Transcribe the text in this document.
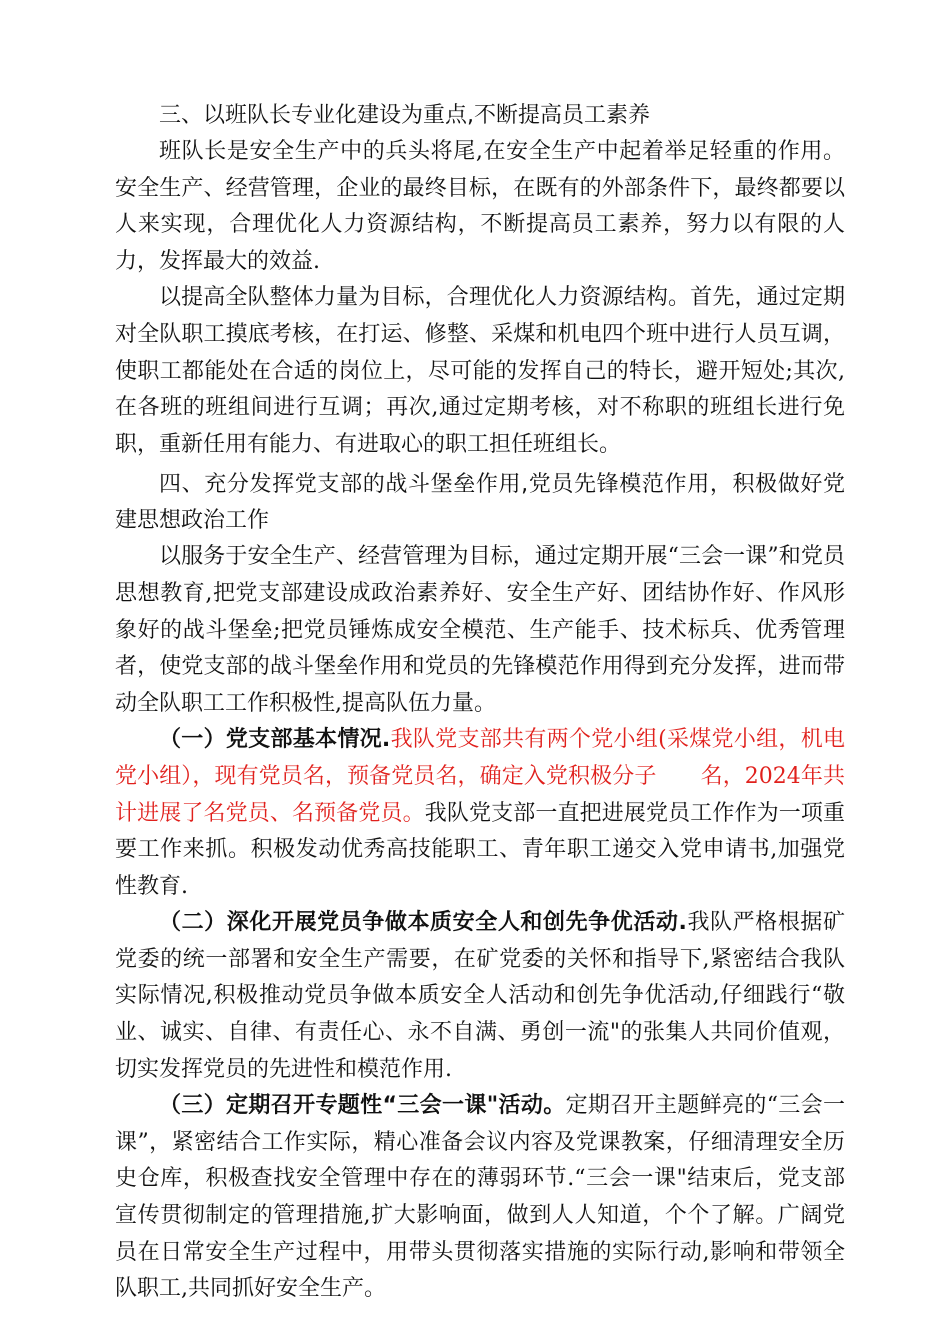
三、以班队长专业化建设为重点,不断提高员工素养

班队长是安全生产中的兵头将尾,在安全生产中起着举足轻重的作用。安全生产、经营管理，企业的最终目标，在既有的外部条件下，最终都要以人来实现，合理优化人力资源结构，不断提高员工素养，努力以有限的人力，发挥最大的效益.

以提高全队整体力量为目标，合理优化人力资源结构。首先，通过定期对全队职工摸底考核，在打运、修整、采煤和机电四个班中进行人员互调，使职工都能处在合适的岗位上，尽可能的发挥自己的特长，避开短处;其次,在各班的班组间进行互调；再次,通过定期考核，对不称职的班组长进行免职，重新任用有能力、有进取心的职工担任班组长。

四、充分发挥党支部的战斗堡垒作用,党员先锋模范作用，积极做好党建思想政治工作

以服务于安全生产、经营管理为目标，通过定期开展“三会一课”和党员思想教育,把党支部建设成政治素养好、安全生产好、团结协作好、作风形象好的战斗堡垒;把党员锤炼成安全模范、生产能手、技术标兵、优秀管理者，使党支部的战斗堡垒作用和党员的先锋模范作用得到充分发挥，进而带动全队职工工作积极性,提高队伍力量。

（一）党支部基本情况.我队党支部共有两个党小组(采煤党小组，机电党小组），现有党员名，预备党员名，确定入党积极分子　　名，2024年共计进展了名党员、名预备党员。我队党支部一直把进展党员工作作为一项重要工作来抓。积极发动优秀高技能职工、青年职工递交入党申请书,加强党性教育.

（二）深化开展党员争做本质安全人和创先争优活动.我队严格根据矿党委的统一部署和安全生产需要，在矿党委的关怀和指导下,紧密结合我队实际情况,积极推动党员争做本质安全人活动和创先争优活动,仔细践行“敬业、诚实、自律、有责任心、永不自满、勇创一流"的张集人共同价值观，切实发挥党员的先进性和模范作用.

（三）定期召开专题性“三会一课"活动。定期召开主题鲜亮的“三会一课”，紧密结合工作实际，精心准备会议内容及党课教案，仔细清理安全历史仓库，积极查找安全管理中存在的薄弱环节.“三会一课"结束后，党支部宣传贯彻制定的管理措施,扩大影响面，做到人人知道，个个了解。广阔党员在日常安全生产过程中，用带头贯彻落实措施的实际行动,影响和带领全队职工,共同抓好安全生产。
